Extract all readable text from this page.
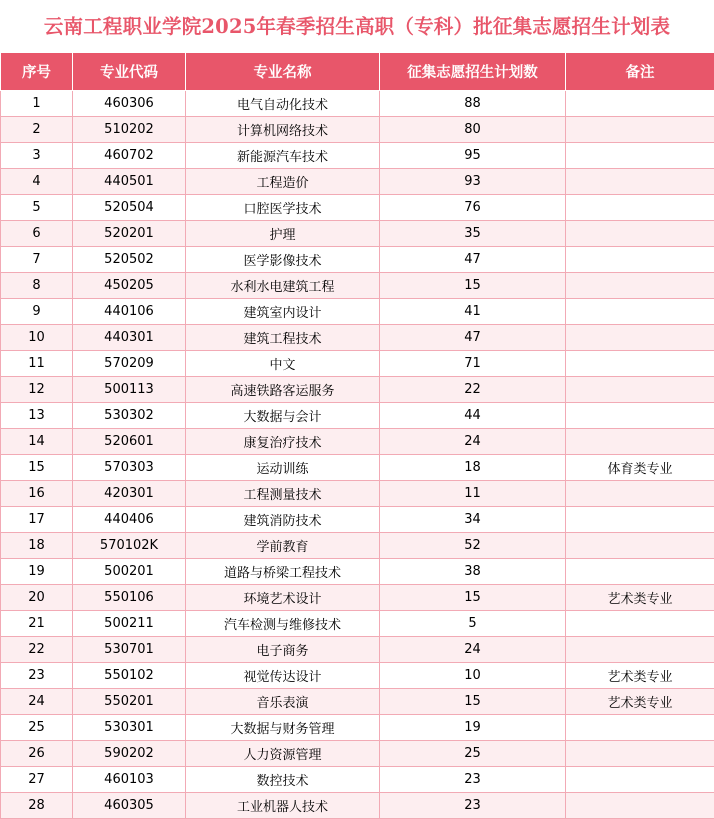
云南工程职业学院2025年春季招生高职（专科）批征集志愿招生计划表
序号	专业代码	专业名称	征集志愿招生计划数	备注
1	460306	电气自动化技术	88	
2	510202	计算机网络技术	80	
3	460702	新能源汽车技术	95	
4	440501	工程造价	93	
5	520504	口腔医学技术	76	
6	520201	护理	35	
7	520502	医学影像技术	47	
8	450205	水利水电建筑工程	15	
9	440106	建筑室内设计	41	
10	440301	建筑工程技术	47	
11	570209	中文	71	
12	500113	高速铁路客运服务	22	
13	530302	大数据与会计	44	
14	520601	康复治疗技术	24	
15	570303	运动训练	18	体育类专业
16	420301	工程测量技术	11	
17	440406	建筑消防技术	34	
18	570102K	学前教育	52	
19	500201	道路与桥梁工程技术	38	
20	550106	环境艺术设计	15	艺术类专业
21	500211	汽车检测与维修技术	5	
22	530701	电子商务	24	
23	550102	视觉传达设计	10	艺术类专业
24	550201	音乐表演	15	艺术类专业
25	530301	大数据与财务管理	19	
26	590202	人力资源管理	25	
27	460103	数控技术	23	
28	460305	工业机器人技术	23	
